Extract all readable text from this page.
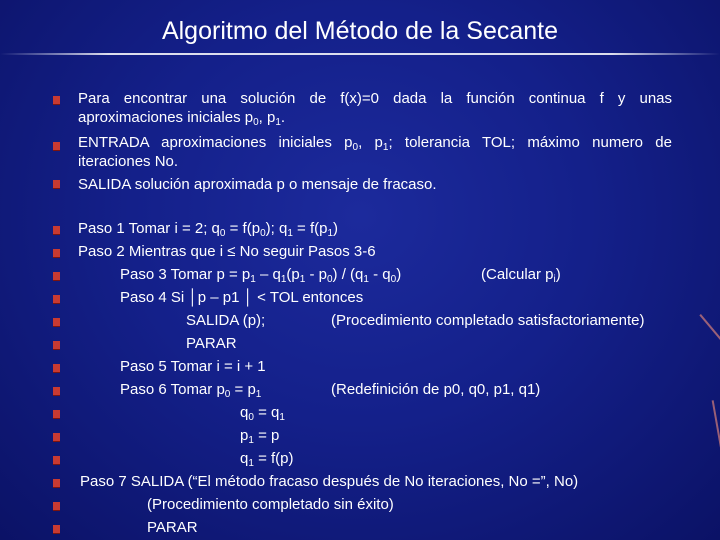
Algoritmo del Método de la Secante
Para encontrar una solución de f(x)=0 dada la función continua f y unas
aproximaciones iniciales $p_0$, $p_1$.
ENTRADA aproximaciones iniciales $p_0$, $p_1$; tolerancia TOL; máximo numero de
iteraciones No.
SALIDA solución aproximada p o mensaje de fracaso.
Paso 1 Tomar i = 2; $q_0 = f(p_0)$; $q_1 = f(p_1)$
Paso 2 Mientras que i ≤ No seguir Pasos 3-6
Paso 3 Tomar $p = p_1 - q_1(p_1 - p_0) / (q_1 - q_0)$	(Calcular $p_i$)
Paso 4 Si │p – p1 │ < TOL entonces
SALIDA (p);	(Procedimiento completado satisfactoriamente)
PARAR
Paso 5 Tomar i = i + 1
Paso 6 Tomar $p_0 = p_1$	(Redefinición de p0, q0, p1, q1)
$q_0 = q_1$
$p_1 = p$
$q_1 = f(p)$
Paso 7 SALIDA (“El método fracaso después de No iteraciones, No =”, No)
(Procedimiento completado sin éxito)
PARAR
